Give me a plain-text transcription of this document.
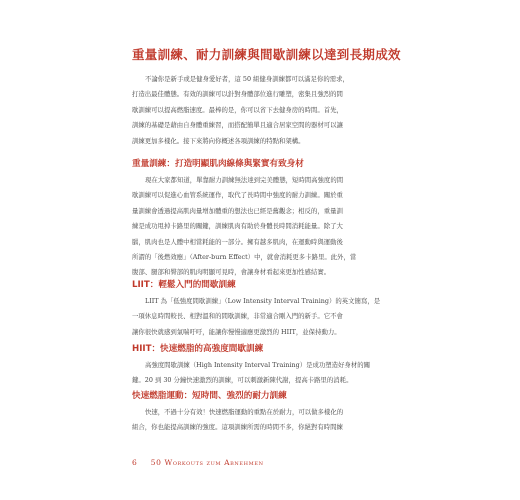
重量訓練、耐力訓練與間歇訓練以達到長期成效
不論你是新手或是健身愛好者，這 50 組健身訓練都可以滿足你的需求，
打造出最佳體態。有效的訓練可以針對身體部位進行雕塑，密集且強烈的間
歇訓練可以提高燃脂速度。最棒的是，你可以省下去健身房的時間。首先，
訓練的基礎是藉由自身體重練習，而搭配簡單且適合居家空間的器材可以讓
訓練更加多樣化。接下來將向你概述各項訓練的特點和架構。
重量訓練：打造明顯肌肉線條與緊實有致身材
現在大家都知道，單靠耐力訓練無法達到完美體態，短時間高強度的間
歇訓練可以促進心血管系統運作，取代了長時間中強度的耐力訓練。關於重
量訓練會透過提高肌肉量增加體重的想法也已經是舊觀念；相反的，重量訓
練是成功甩掉卡路里的關鍵，訓練肌肉有助於身體長時間消耗能量。除了大
腦，肌肉也是人體中相當耗能的一部分。擁有越多肌肉，在運動時與運動後
所謂的「後燃效應」（After-burn Effect）中，就會消耗更多卡路里。此外，當
腹部、腿部和臀部的肌肉明顯可見時，會讓身材看起來更加性感結實。
LIIT：輕鬆入門的間歇訓練
LIIT 為「低強度間歇訓練」（Low Intensity Interval Training）的英文簡寫，是
一項休息時間較長、相對溫和的間歇訓練，非常適合剛入門的新手。它不會
讓你很快就感到氣喘吁吁，能讓你慢慢適應更激烈的 HIIT，並保持動力。
HIIT：快速燃脂的高強度間歇訓練
高強度間歇訓練（High Intensity Interval Training）是成功塑造好身材的關
鍵。20 到 30 分鐘快速激烈的訓練，可以刺激新陳代謝，提高卡路里的消耗。
快速燃脂運動：短時間、強烈的耐力訓練
快速，不過十分有效！快速燃脂運動的重點在於耐力，可以做多樣化的
組合，你也能提高訓練的強度。這項訓練所需的時間不多，你絕對有時間練
6 50 Workouts zum Abnehmen
